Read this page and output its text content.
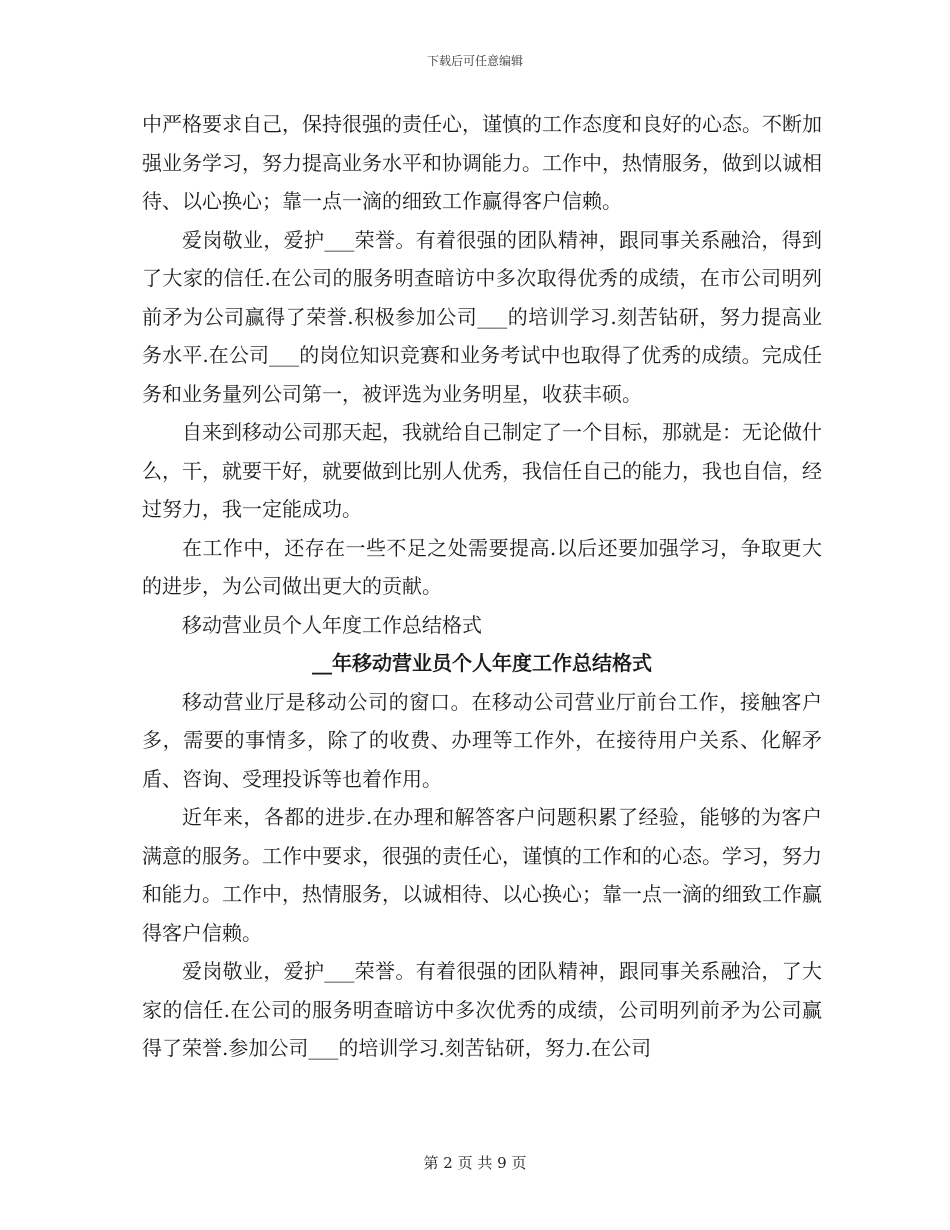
下载后可任意编辑

中严格要求自己，保持很强的责任心，谨慎的工作态度和良好的心态。不断加强业务学习，努力提高业务水平和协调能力。工作中，热情服务，做到以诚相待、以心换心；靠一点一滴的细致工作赢得客户信赖。

爱岗敬业，爱护___荣誉。有着很强的团队精神，跟同事关系融洽，得到了大家的信任.在公司的服务明查暗访中多次取得优秀的成绩，在市公司明列前矛为公司赢得了荣誉.积极参加公司___的培训学习.刻苦钻研，努力提高业务水平.在公司___的岗位知识竞赛和业务考试中也取得了优秀的成绩。完成任务和业务量列公司第一，被评选为业务明星，收获丰硕。

自来到移动公司那天起，我就给自己制定了一个目标，那就是：无论做什么，干，就要干好，就要做到比别人优秀，我信任自己的能力，我也自信，经过努力，我一定能成功。

在工作中，还存在一些不足之处需要提高.以后还要加强学习，争取更大的进步，为公司做出更大的贡献。

移动营业员个人年度工作总结格式

__年移动营业员个人年度工作总结格式

移动营业厅是移动公司的窗口。在移动公司营业厅前台工作，接触客户多，需要的事情多，除了的收费、办理等工作外，在接待用户关系、化解矛盾、咨询、受理投诉等也着作用。

近年来，各都的进步.在办理和解答客户问题积累了经验，能够的为客户满意的服务。工作中要求，很强的责任心，谨慎的工作和的心态。学习，努力和能力。工作中，热情服务，以诚相待、以心换心；靠一点一滴的细致工作赢得客户信赖。

爱岗敬业，爱护___荣誉。有着很强的团队精神，跟同事关系融洽，了大家的信任.在公司的服务明查暗访中多次优秀的成绩，公司明列前矛为公司赢得了荣誉.参加公司___的培训学习.刻苦钻研，努力.在公司

第 2 页 共 9 页
